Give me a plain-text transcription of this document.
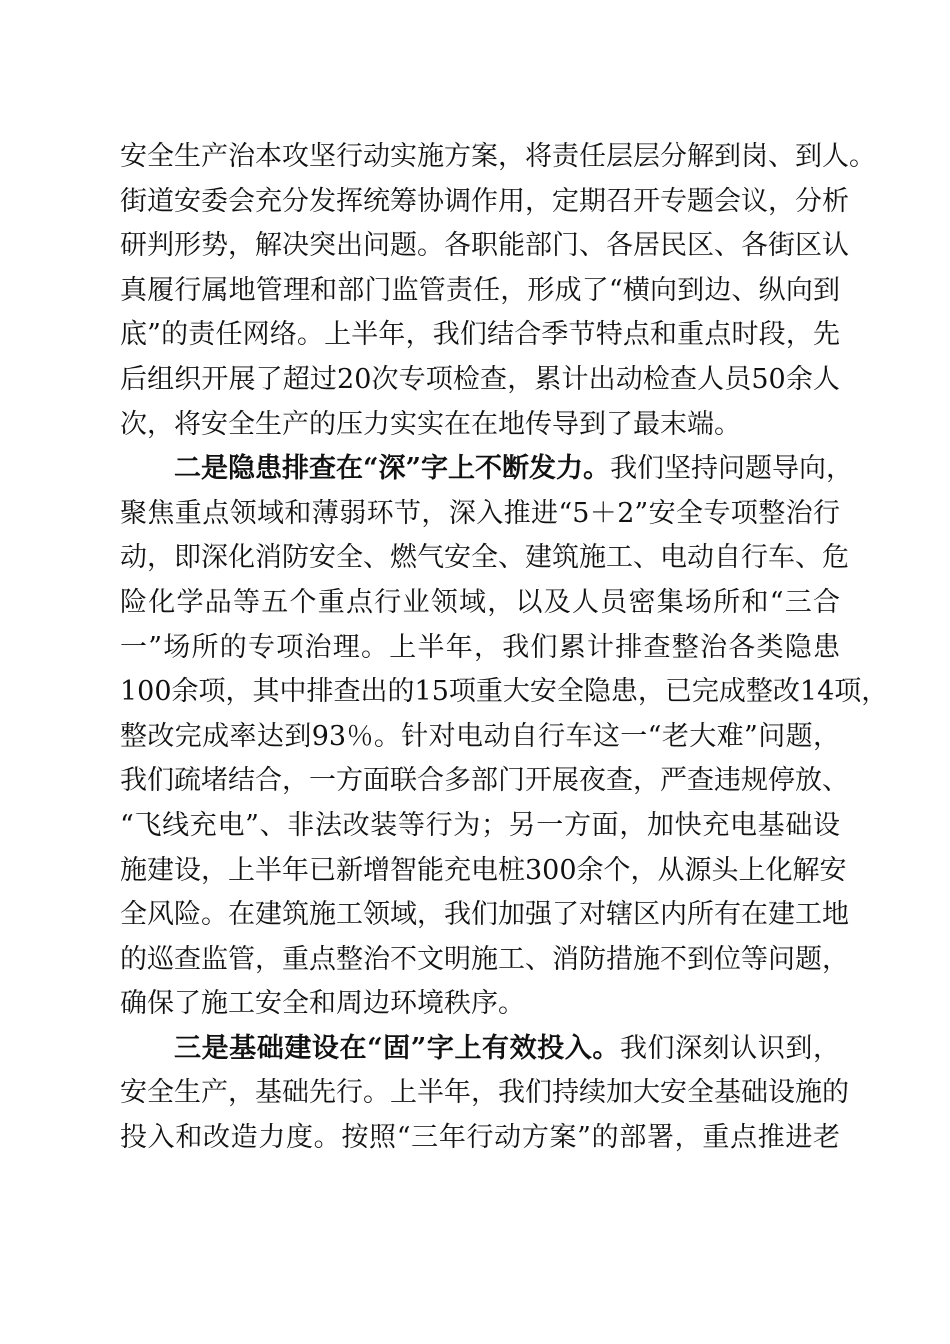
安全生产治本攻坚行动实施方案，将责任层层分解到岗、到人。
街道安委会充分发挥统筹协调作用，定期召开专题会议，分析
研判形势，解决突出问题。各职能部门、各居民区、各街区认
真履行属地管理和部门监管责任，形成了“横向到边、纵向到
底”的责任网络。上半年，我们结合季节特点和重点时段，先
后组织开展了超过20次专项检查，累计出动检查人员50余人
次，将安全生产的压力实实在在地传导到了最末端。
二是隐患排查在“深”字上不断发力。我们坚持问题导向，
聚焦重点领域和薄弱环节，深入推进“5＋2”安全专项整治行
动，即深化消防安全、燃气安全、建筑施工、电动自行车、危
险化学品等五个重点行业领域，以及人员密集场所和“三合
一”场所的专项治理。上半年，我们累计排查整治各类隐患
100余项，其中排查出的15项重大安全隐患，已完成整改14项，
整改完成率达到93％。针对电动自行车这一“老大难”问题，
我们疏堵结合，一方面联合多部门开展夜查，严查违规停放、
“飞线充电”、非法改装等行为；另一方面，加快充电基础设
施建设，上半年已新增智能充电桩300余个，从源头上化解安
全风险。在建筑施工领域，我们加强了对辖区内所有在建工地
的巡查监管，重点整治不文明施工、消防措施不到位等问题，
确保了施工安全和周边环境秩序。
三是基础建设在“固”字上有效投入。我们深刻认识到，
安全生产，基础先行。上半年，我们持续加大安全基础设施的
投入和改造力度。按照“三年行动方案”的部署，重点推进老
